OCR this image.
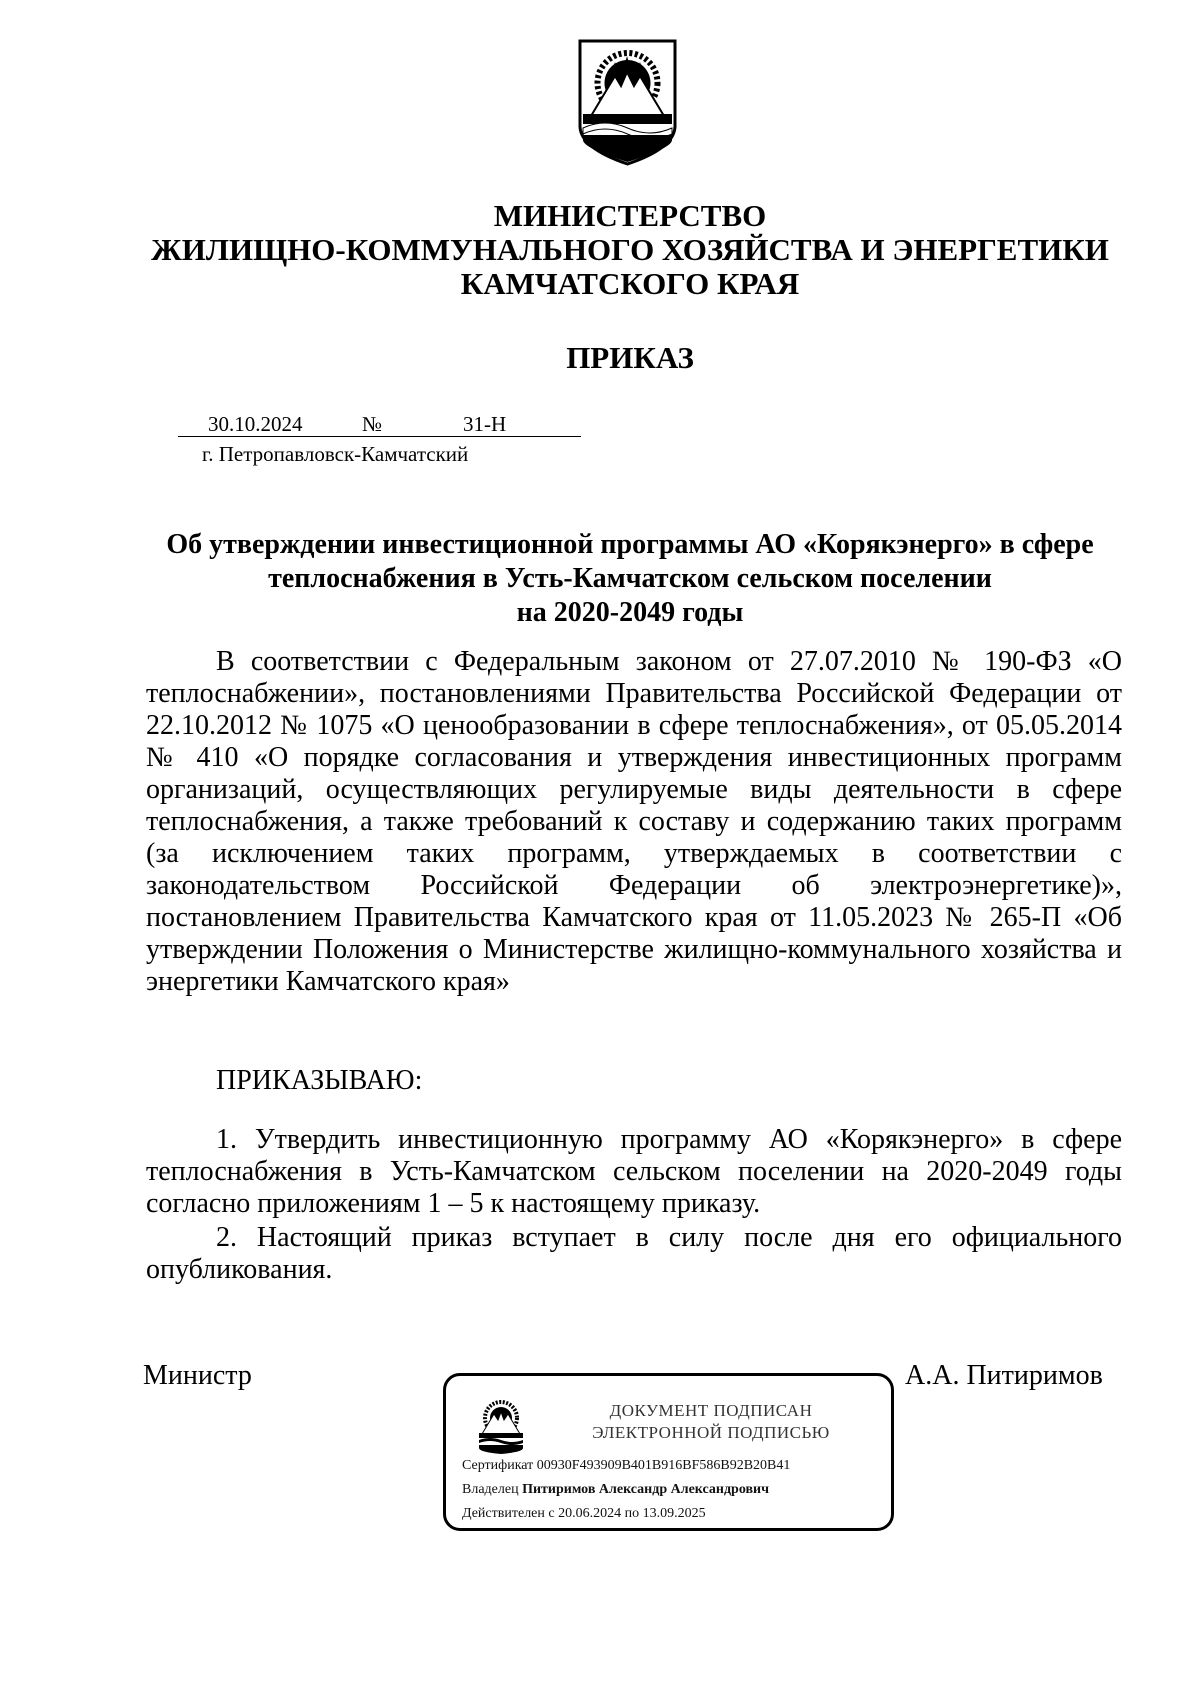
МИНИСТЕРСТВО
ЖИЛИЩНО-КОММУНАЛЬНОГО ХОЗЯЙСТВА И ЭНЕРГЕТИКИ
КАМЧАТСКОГО КРАЯ
ПРИКАЗ
30.10.2024	№	31-Н
г. Петропавловск-Камчатский
Об утверждении инвестиционной программы АО «Корякэнерго» в сфере
теплоснабжения в Усть-Камчатском сельском поселении
на 2020-2049 годы

В соответствии с Федеральным законом от 27.07.2010 № 190-ФЗ «О теплоснабжении», постановлениями Правительства Российской Федерации от 22.10.2012 № 1075 «О ценообразовании в сфере теплоснабжения», от 05.05.2014 № 410 «О порядке согласования и утверждения инвестиционных программ организаций, осуществляющих регулируемые виды деятельности в сфере теплоснабжения, а также требований к составу и содержанию таких программ (за исключением таких программ, утверждаемых в соответствии с законодательством Российской Федерации об электроэнергетике)», постановлением Правительства Камчатского края от 11.05.2023 № 265-П «Об утверждении Положения о Министерстве жилищно-коммунального хозяйства и энергетики Камчатского края»

ПРИКАЗЫВАЮ:

1. Утвердить инвестиционную программу АО «Корякэнерго» в сфере теплоснабжения в Усть-Камчатском сельском поселении на 2020-2049 годы согласно приложениям 1 – 5 к настоящему приказу.

2. Настоящий приказ вступает в силу после дня его официального опубликования.

Министр	А.А. Питиримов
ДОКУМЕНТ ПОДПИСАН
ЭЛЕКТРОННОЙ ПОДПИСЬЮ
Сертификат 00930F493909B401B916BF586B92B20B41
Владелец Питиримов Александр Александрович
Действителен с 20.06.2024 по 13.09.2025
